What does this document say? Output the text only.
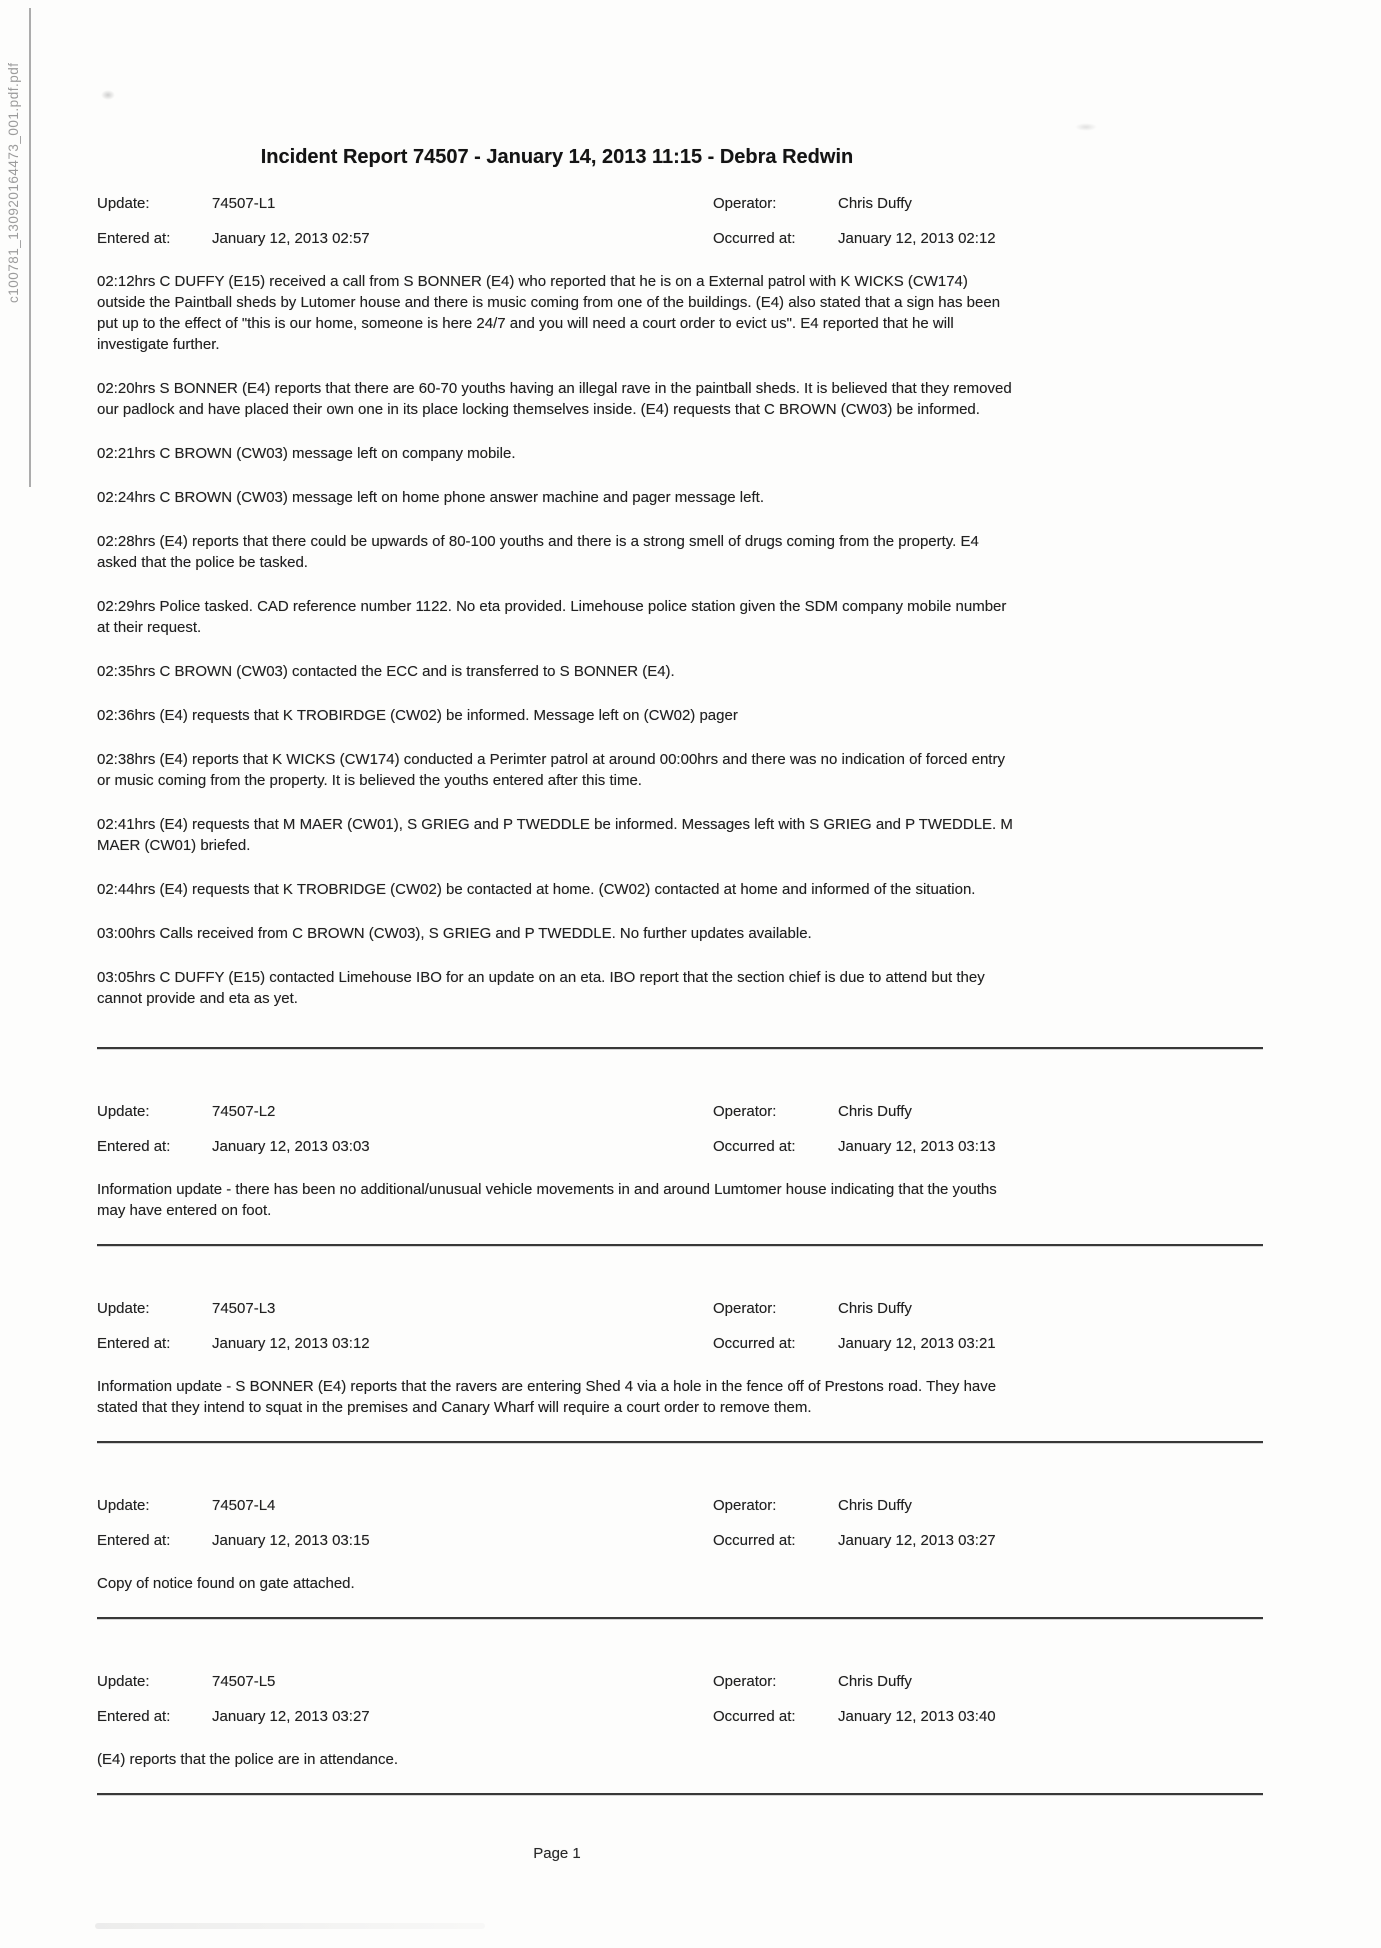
c100781_130920164473_001.pdf.pdf	Incident Report 74507 - January 14, 2013 11:15 - Debra Redwin
Update:	74507-L1	Operator:	Chris Duffy
Entered at:	January 12, 2013 02:57	Occurred at:	January 12, 2013 02:12

02:12hrs C DUFFY (E15) received a call from S BONNER (E4) who reported that he is on a External patrol with K WICKS (CW174) outside the Paintball sheds by Lutomer house and there is music coming from one of the buildings. (E4) also stated that a sign has been put up to the effect of "this is our home, someone is here 24/7 and you will need a court order to evict us". E4 reported that he will investigate further.

02:20hrs S BONNER (E4) reports that there are 60-70 youths having an illegal rave in the paintball sheds. It is believed that they removed our padlock and have placed their own one in its place locking themselves inside. (E4) requests that C BROWN (CW03) be informed.

02:21hrs C BROWN (CW03) message left on company mobile.

02:24hrs C BROWN (CW03) message left on home phone answer machine and pager message left.

02:28hrs (E4) reports that there could be upwards of 80-100 youths and there is a strong smell of drugs coming from the property. E4 asked that the police be tasked.

02:29hrs Police tasked. CAD reference number 1122. No eta provided. Limehouse police station given the SDM company mobile number at their request.

02:35hrs C BROWN (CW03) contacted the ECC and is transferred to S BONNER (E4).

02:36hrs (E4) requests that K TROBIRDGE (CW02) be informed. Message left on (CW02) pager

02:38hrs (E4) reports that K WICKS (CW174) conducted a Perimter patrol at around 00:00hrs and there was no indication of forced entry or music coming from the property. It is believed the youths entered after this time.

02:41hrs (E4) requests that M MAER (CW01), S GRIEG and P TWEDDLE be informed. Messages left with S GRIEG and P TWEDDLE. M MAER (CW01) briefed.

02:44hrs (E4) requests that K TROBRIDGE (CW02) be contacted at home. (CW02) contacted at home and informed of the situation.

03:00hrs Calls received from C BROWN (CW03), S GRIEG and P TWEDDLE. No further updates available.

03:05hrs C DUFFY (E15) contacted Limehouse IBO for an update on an eta. IBO report that the section chief is due to attend but they cannot provide and eta as yet.

Update:	74507-L2	Operator:	Chris Duffy
Entered at:	January 12, 2013 03:03	Occurred at:	January 12, 2013 03:13

Information update - there has been no additional/unusual vehicle movements in and around Lumtomer house indicating that the youths may have entered on foot.

Update:	74507-L3	Operator:	Chris Duffy
Entered at:	January 12, 2013 03:12	Occurred at:	January 12, 2013 03:21

Information update - S BONNER (E4) reports that the ravers are entering Shed 4 via a hole in the fence off of Prestons road. They have stated that they intend to squat in the premises and Canary Wharf will require a court order to remove them.

Update:	74507-L4	Operator:	Chris Duffy
Entered at:	January 12, 2013 03:15	Occurred at:	January 12, 2013 03:27

Copy of notice found on gate attached.

Update:	74507-L5	Operator:	Chris Duffy
Entered at:	January 12, 2013 03:27	Occurred at:	January 12, 2013 03:40

(E4) reports that the police are in attendance.

Page 1
